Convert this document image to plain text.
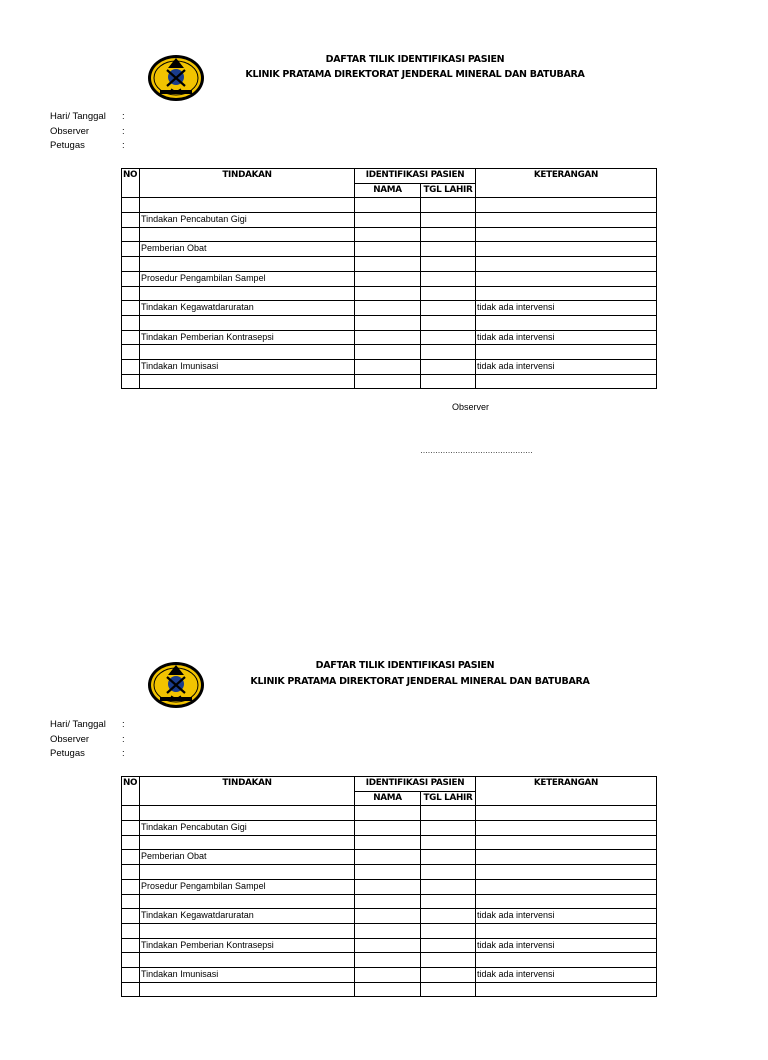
DAFTAR TILIK IDENTIFIKASI PASIEN
KLINIK PRATAMA DIREKTORAT JENDERAL MINERAL DAN BATUBARA
Hari/ Tanggal :
Observer	:
Petugas	:
NO	TINDAKAN	IDENTIFIKASI PASIEN		KETERANGAN
		NAMA	TGL LAHIR	

	Tindakan Pencabutan Gigi			

	Pemberian Obat			

	Prosedur Pengambilan Sampel			

	Tindakan Kegawatdaruratan			tidak ada intervensi

	Tindakan Pemberian Kontrasepsi			tidak ada intervensi

	Tindakan Imunisasi			tidak ada intervensi

Observer
………………………………………
DAFTAR TILIK IDENTIFIKASI PASIEN
KLINIK PRATAMA DIREKTORAT JENDERAL MINERAL DAN BATUBARA
Hari/ Tanggal :
Observer	:
Petugas	:
NO	TINDAKAN	IDENTIFIKASI PASIEN		KETERANGAN
		NAMA	TGL LAHIR	

	Tindakan Pencabutan Gigi			

	Pemberian Obat			

	Prosedur Pengambilan Sampel			

	Tindakan Kegawatdaruratan			tidak ada intervensi

	Tindakan Pemberian Kontrasepsi			tidak ada intervensi

	Tindakan Imunisasi			tidak ada intervensi
